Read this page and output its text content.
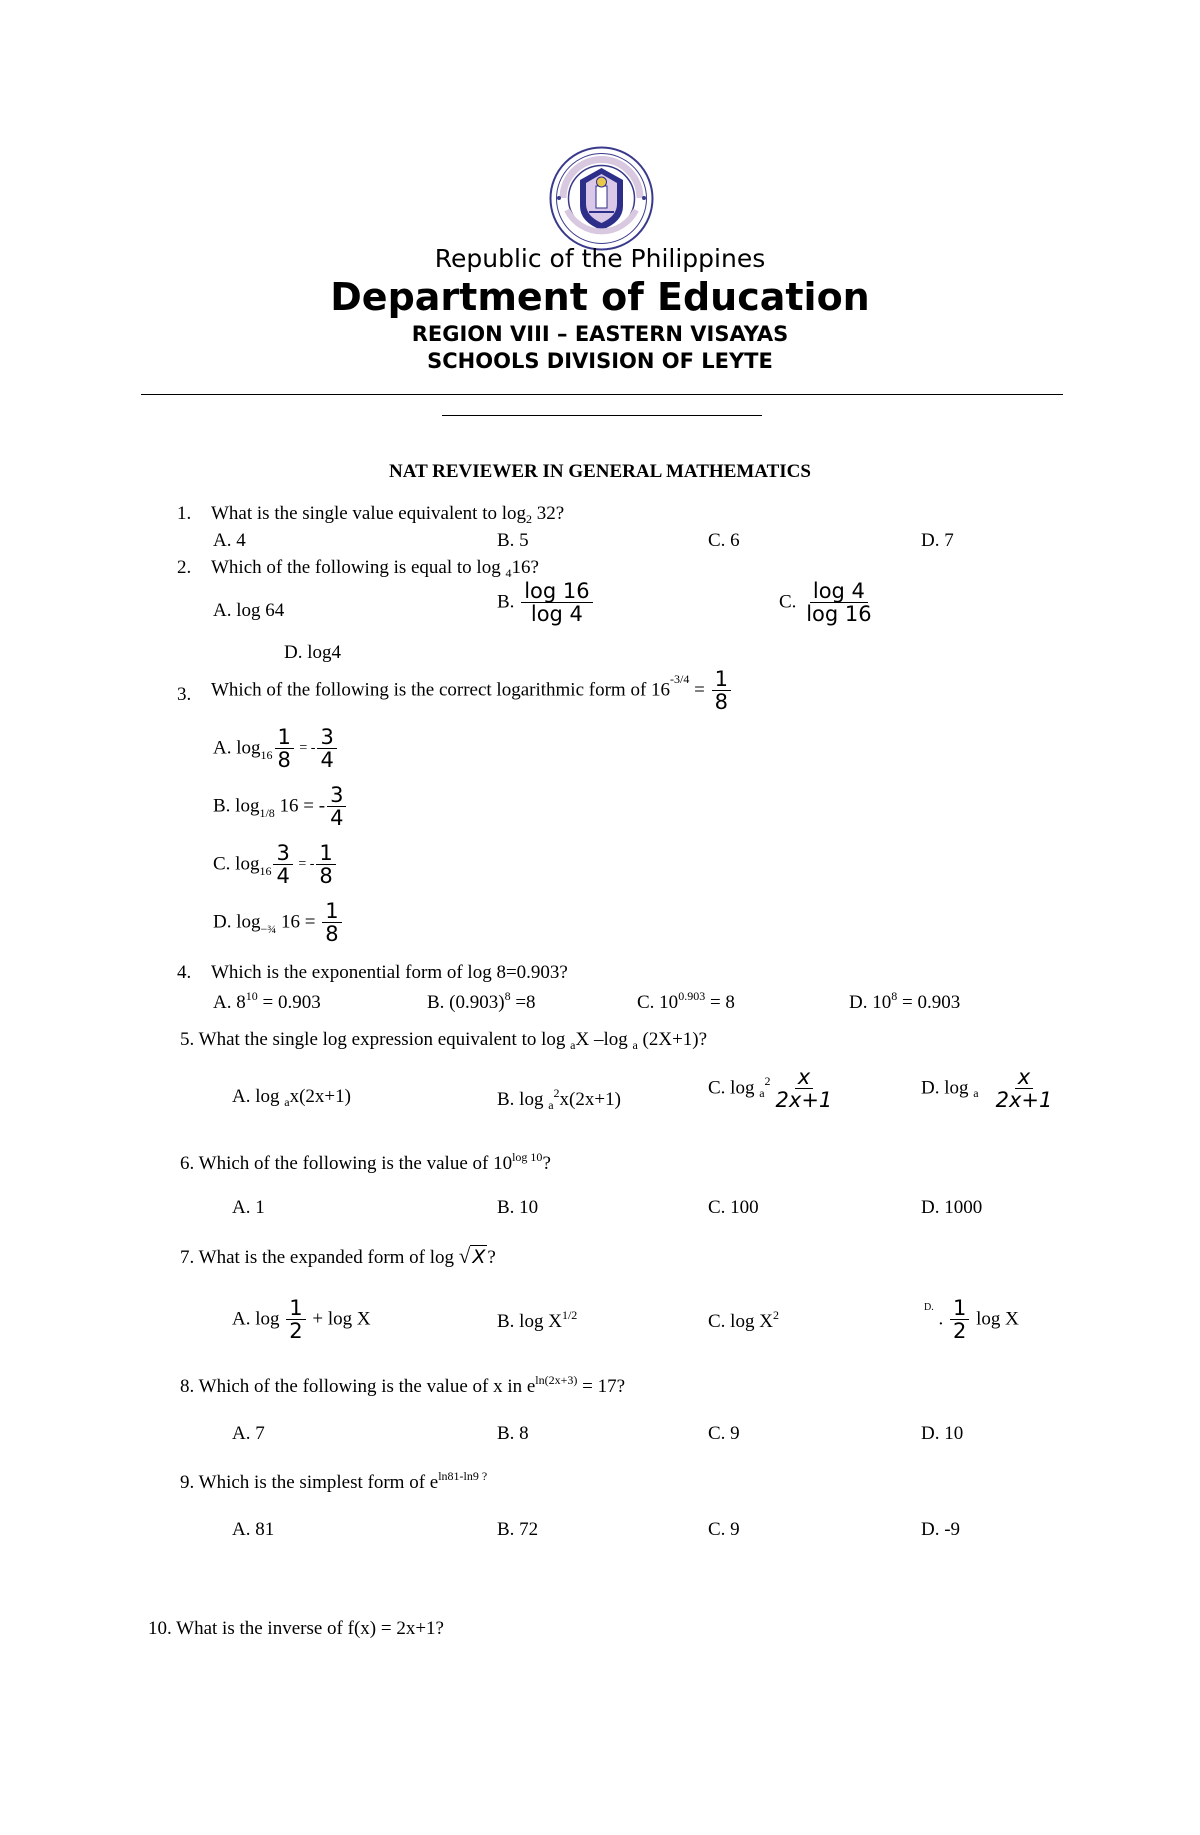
Republic of the Philippines
Department of Education
REGION VIII – EASTERN VISAYAS
SCHOOLS DIVISION OF LEYTE
NAT REVIEWER IN GENERAL MATHEMATICS
1. What is the single value equivalent to $\log_2 32$?
A. 4	B. 5	C. 6	D. 7
2. Which of the following is equal to log $_4$16?
A. log 64	B. $\frac{\log 16}{\log 4}$	C. $\frac{\log 4}{\log 16}$
D. log4
3. Which of the following is the correct logarithmic form of $16^{-3/4} = \frac{1}{8}$
A. $\log_{16} \frac{1}{8}$ = - $\frac{3}{4}$
B. $\log_{1/8} 16$ = - $\frac{3}{4}$
C. $\log_{16} \frac{3}{4}$ = - $\frac{1}{8}$
D. $\log_{-\frac{3}{4}} 16 = \frac{1}{8}$
4. Which is the exponential form of log 8=0.903?
A. $8^{10} = 0.903$	B. $(0.903)^8 =8$	C. $10^{0.903} = 8$	D. $10^8 = 0.903$
5. What the single log expression equivalent to log $_a$X –log $_a$ (2X+1)?
A. log $_a$x(2x+1)	B. log $_a^2$x(2x+1)
C. $\log _a^2 \frac{x}{2x+1}$	D. $\log _a \frac{x}{2x+1}$
6. Which of the following is the value of $10^{log 10}$?
A. 1	B. 10	C. 100	D. 1000
7. What is the expanded form of log √ X ?
A. $\log \frac{1}{2} + \log X$	B. $\log X^{1/2}$	C. $\log X^2$
$^{D.}$ . $\frac{1}{2}$ log X
8. Which of the following is the value of x in $e^{ln(2x+3)} = 17$?
A. 7	B. 8	C. 9	D. 10
9. Which is the simplest form of $e^{ln81-ln9 ?}$
A. 81	B. 72	C. 9	D. -9
10. What is the inverse of f(x) = 2x+1?
